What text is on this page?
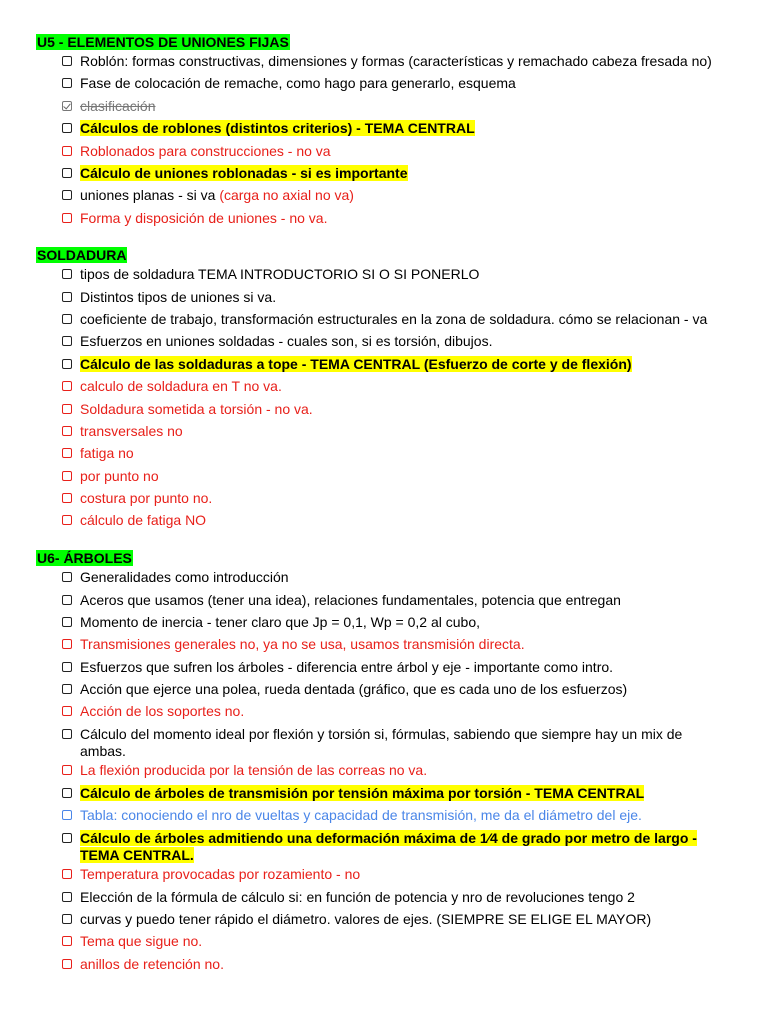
U5 - ELEMENTOS DE UNIONES FIJAS
Roblón: formas constructivas, dimensiones y formas (características y remachado cabeza fresada no)
Fase de colocación de remache, como hago para generarlo, esquema
clasificación
Cálculos de roblones (distintos criterios) - TEMA CENTRAL
Roblonados para construcciones - no va
Cálculo de uniones roblonadas - si es importante
uniones planas - si va (carga no axial no va)
Forma y disposición de uniones - no va.
SOLDADURA
tipos de soldadura TEMA INTRODUCTORIO SI O SI PONERLO
Distintos tipos de uniones si va.
coeficiente de trabajo, transformación estructurales en la zona de soldadura. cómo se relacionan - va
Esfuerzos en uniones soldadas - cuales son, si es torsión, dibujos.
Cálculo de las soldaduras a tope - TEMA CENTRAL (Esfuerzo de corte y de flexión)
calculo de soldadura en T no va.
Soldadura sometida a torsión - no va.
transversales no
fatiga no
por punto no
costura por punto no.
cálculo de fatiga NO
U6- ÁRBOLES
Generalidades como introducción
Aceros que usamos (tener una idea), relaciones fundamentales, potencia que entregan
Momento de inercia - tener claro que Jp = 0,1, Wp = 0,2 al cubo,
Transmisiones generales no, ya no se usa, usamos transmisión directa.
Esfuerzos que sufren los árboles - diferencia entre árbol y eje - importante como intro.
Acción que ejerce una polea, rueda dentada (gráfico, que es cada uno de los esfuerzos)
Acción de los soportes no.
Cálculo del momento ideal por flexión y torsión si, fórmulas, sabiendo que siempre hay un mix de ambas.
La flexión producida por la tensión de las correas no va.
Cálculo de árboles de transmisión por tensión máxima por torsión - TEMA CENTRAL
Tabla: conociendo el nro de vueltas y capacidad de transmisión, me da el diámetro del eje.
Cálculo de árboles admitiendo una deformación máxima de 1⁄4 de grado por metro de largo - TEMA CENTRAL.
Temperatura provocadas por rozamiento - no
Elección de la fórmula de cálculo si: en función de potencia y nro de revoluciones tengo 2
curvas y puedo tener rápido el diámetro. valores de ejes. (SIEMPRE SE ELIGE EL MAYOR)
Tema que sigue no.
anillos de retención no.
